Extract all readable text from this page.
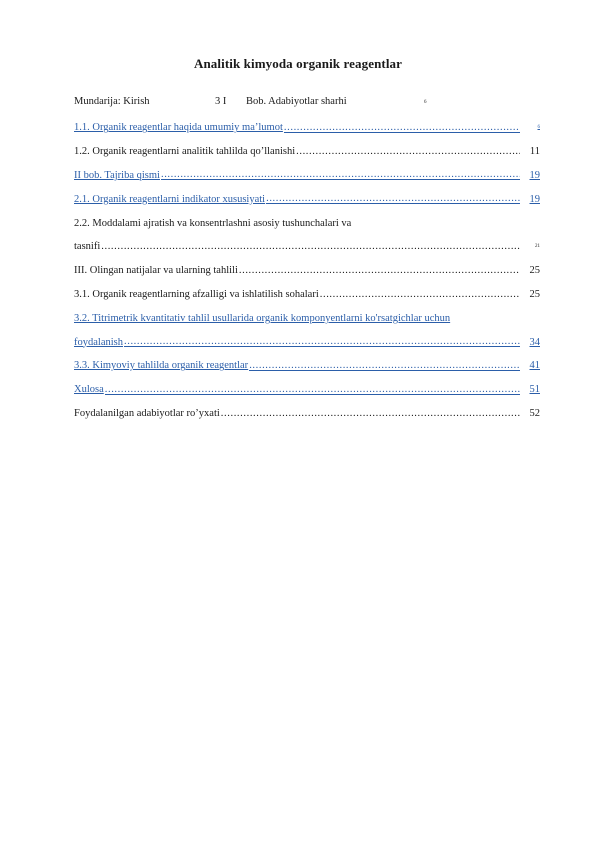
Analitik kimyoda organik reagentlar
Mundarija: Kirish	3 I Bob. Adabiyotlar sharhi	6
1.1. Organik reagentlar haqida umumiy ma’lumot .....	6
1.2. Organik reagentlarni analitik tahlilda qo’llanishi .....	11
II bob. Tajriba qismi .....	19
2.1. Organik reagentlarni indikator xususiyati .....	19
2.2. Moddalami ajratish va konsentrlashni asosiy tushunchalari va
tasnifi .....	21
III. Olingan natijalar va ularning tahlili .....	25
3.1. Organik reagentlarning afzalligi va ishlatilish sohalari .....	25
3.2. Titrimetrik kvantitativ tahlil usullarida organik komponyentlarni ko'rsatgichlar uchun
foydalanish .....	34
3.3. Kimyoviy tahlilda organik reagentlar .....	41
Xulosa .....	51
Foydalanilgan adabiyotlar ro’yxati .....	52
